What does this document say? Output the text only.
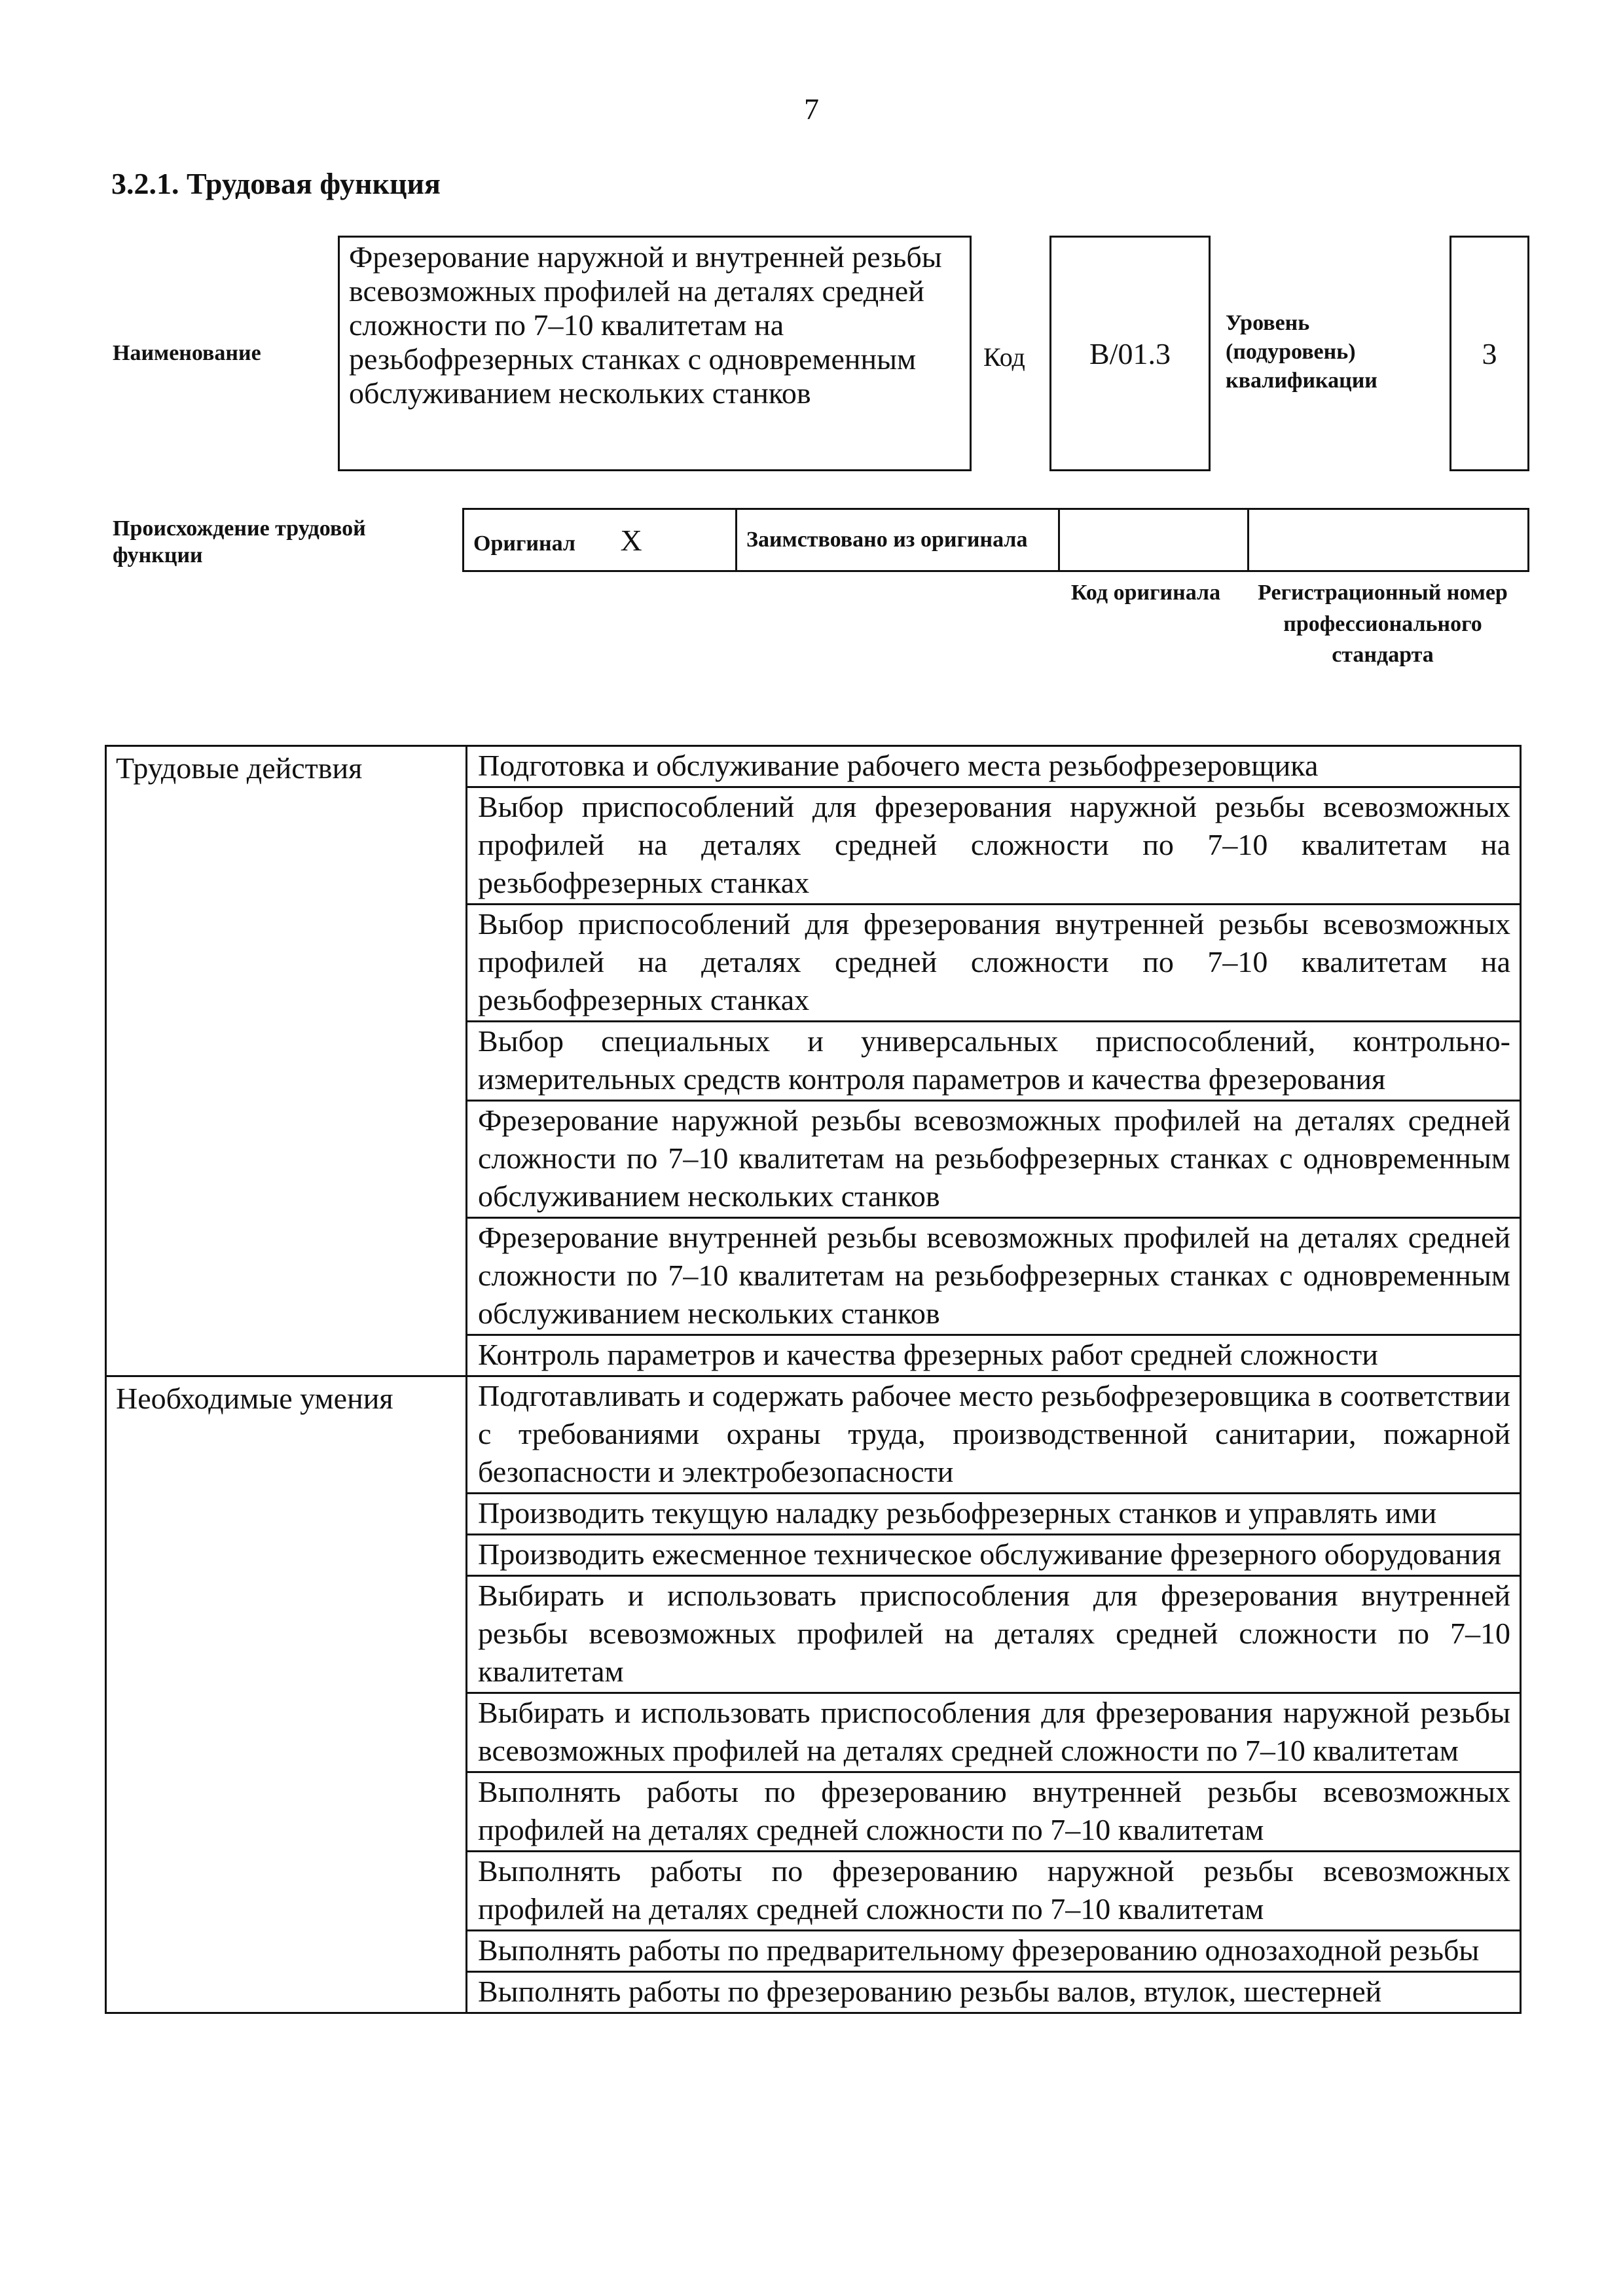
7
3.2.1. Трудовая функция
Наименование
Фрезерование наружной и внутренней резьбы всевозможных профилей на деталях средней сложности по 7–10 квалитетам на резьбофрезерных станках с одновременным обслуживанием нескольких станков
Код B/01.3
Уровень (подуровень) квалификации
3
Происхождение трудовой функции	Оригинал X	Заимствовано из оригинала		
Код оригинала	Регистрационный номер профессионального стандарта
Трудовые действия	Подготовка и обслуживание рабочего места резьбофрезеровщика
	Выбор приспособлений для фрезерования наружной резьбы всевозможных профилей на деталях средней сложности по 7–10 квалитетам на резьбофрезерных станках
	Выбор приспособлений для фрезерования внутренней резьбы всевозможных профилей на деталях средней сложности по 7–10 квалитетам на резьбофрезерных станках
	Выбор специальных и универсальных приспособлений, контрольно-измерительных средств контроля параметров и качества фрезерования
	Фрезерование наружной резьбы всевозможных профилей на деталях средней сложности по 7–10 квалитетам на резьбофрезерных станках с одновременным обслуживанием нескольких станков
	Фрезерование внутренней резьбы всевозможных профилей на деталях средней сложности по 7–10 квалитетам на резьбофрезерных станках с одновременным обслуживанием нескольких станков
	Контроль параметров и качества фрезерных работ средней сложности
Необходимые умения	Подготавливать и содержать рабочее место резьбофрезеровщика в соответствии с требованиями охраны труда, производственной санитарии, пожарной безопасности и электробезопасности
	Производить текущую наладку резьбофрезерных станков и управлять ими
	Производить ежесменное техническое обслуживание фрезерного оборудования
	Выбирать и использовать приспособления для фрезерования внутренней резьбы всевозможных профилей на деталях средней сложности по 7–10 квалитетам
	Выбирать и использовать приспособления для фрезерования наружной резьбы всевозможных профилей на деталях средней сложности по 7–10 квалитетам
	Выполнять работы по фрезерованию внутренней резьбы всевозможных профилей на деталях средней сложности по 7–10 квалитетам
	Выполнять работы по фрезерованию наружной резьбы всевозможных профилей на деталях средней сложности по 7–10 квалитетам
	Выполнять работы по предварительному фрезерованию однозаходной резьбы
	Выполнять работы по фрезерованию резьбы валов, втулок, шестерней
